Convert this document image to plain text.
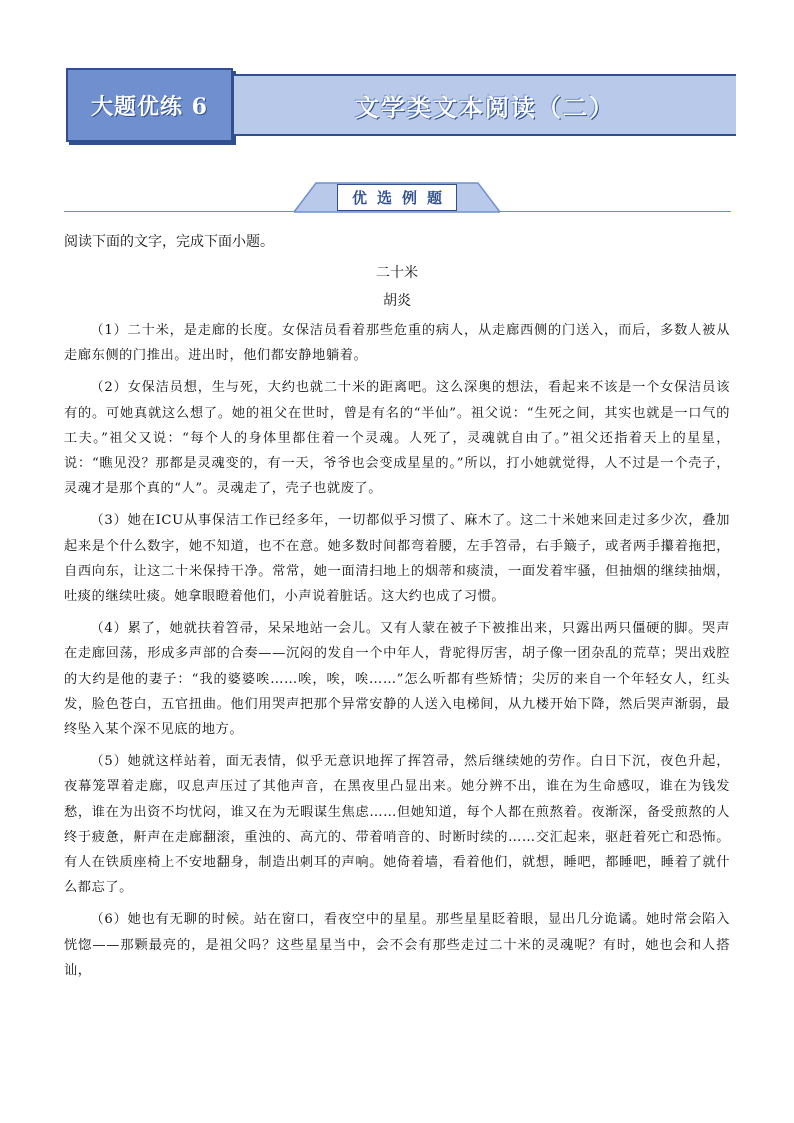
大题优练 6	文学类文本阅读（二）
优选例题
阅读下面的文字，完成下面小题。
二十米
胡炎

（1）二十米，是走廊的长度。女保洁员看着那些危重的病人，从走廊西侧的门送入，而后，多数人被从走廊东侧的门推出。进出时，他们都安静地躺着。

（2）女保洁员想，生与死，大约也就二十米的距离吧。这么深奥的想法，看起来不该是一个女保洁员该有的。可她真就这么想了。她的祖父在世时，曾是有名的“半仙”。祖父说：“生死之间，其实也就是一口气的工夫。”祖父又说：“每个人的身体里都住着一个灵魂。人死了，灵魂就自由了。”祖父还指着天上的星星，说：“瞧见没？那都是灵魂变的，有一天，爷爷也会变成星星的。”所以，打小她就觉得，人不过是一个壳子，灵魂才是那个真的“人”。灵魂走了，壳子也就废了。

（3）她在ICU从事保洁工作已经多年，一切都似乎习惯了、麻木了。这二十米她来回走过多少次，叠加起来是个什么数字，她不知道，也不在意。她多数时间都弯着腰，左手笤帚，右手簸子，或者两手攥着拖把，自西向东，让这二十米保持干净。常常，她一面清扫地上的烟蒂和痰渍，一面发着牢骚，但抽烟的继续抽烟，吐痰的继续吐痰。她拿眼瞪着他们，小声说着脏话。这大约也成了习惯。

（4）累了，她就扶着笤帚，呆呆地站一会儿。又有人蒙在被子下被推出来，只露出两只僵硬的脚。哭声在走廊回荡，形成多声部的合奏——沉闷的发自一个中年人，背驼得厉害，胡子像一团杂乱的荒草；哭出戏腔的大约是他的妻子：“我的婆婆唉……唉，唉，唉……”怎么听都有些矫情；尖厉的来自一个年轻女人，红头发，脸色苍白，五官扭曲。他们用哭声把那个异常安静的人送入电梯间，从九楼开始下降，然后哭声渐弱，最终坠入某个深不见底的地方。

（5）她就这样站着，面无表情，似乎无意识地挥了挥笤帚，然后继续她的劳作。白日下沉，夜色升起，夜幕笼罩着走廊，叹息声压过了其他声音，在黑夜里凸显出来。她分辨不出，谁在为生命感叹，谁在为钱发愁，谁在为出资不均忧闷，谁又在为无暇谋生焦虑……但她知道，每个人都在煎熬着。夜渐深，备受煎熬的人终于疲惫，鼾声在走廊翻滚，重浊的、高亢的、带着哨音的、时断时续的……交汇起来，驱赶着死亡和恐怖。有人在铁质座椅上不安地翻身，制造出刺耳的声响。她倚着墙，看着他们，就想，睡吧，都睡吧，睡着了就什么都忘了。

（6）她也有无聊的时候。站在窗口，看夜空中的星星。那些星星眨着眼，显出几分诡谲。她时常会陷入恍惚——那颗最亮的，是祖父吗？这些星星当中，会不会有那些走过二十米的灵魂呢？有时，她也会和人搭讪，
